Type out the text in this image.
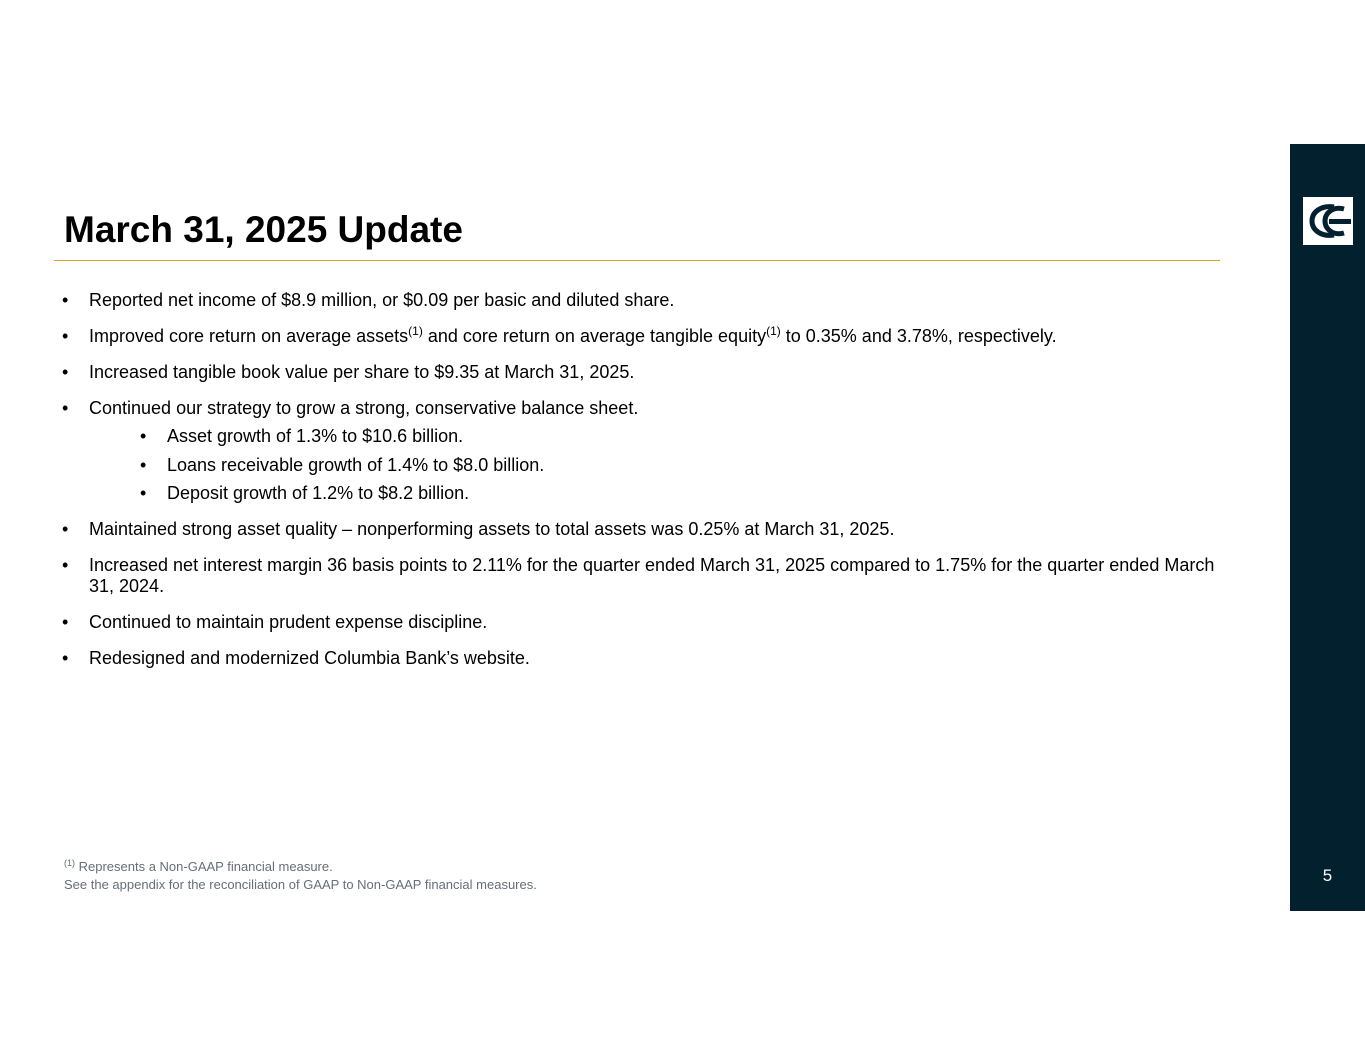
March 31, 2025 Update
• Reported net income of $8.9 million, or $0.09 per basic and diluted share.
• Improved core return on average assets$^{(1)}$ and core return on average tangible equity$^{(1)}$ to 0.35% and 3.78%, respectively.
• Increased tangible book value per share to $9.35 at March 31, 2025.
• Continued our strategy to grow a strong, conservative balance sheet.
• Asset growth of 1.3% to $10.6 billion.
• Loans receivable growth of 1.4% to $8.0 billion.
• Deposit growth of 1.2% to $8.2 billion.
• Maintained strong asset quality – nonperforming assets to total assets was 0.25% at March 31, 2025.
• Increased net interest margin 36 basis points to 2.11% for the quarter ended March 31, 2025 compared to 1.75% for the quarter ended March 31, 2024.
• Continued to maintain prudent expense discipline.
• Redesigned and modernized Columbia Bank’s website.
$^{(1)}$ Represents a Non-GAAP financial measure.
See the appendix for the reconciliation of GAAP to Non-GAAP financial measures.	5
